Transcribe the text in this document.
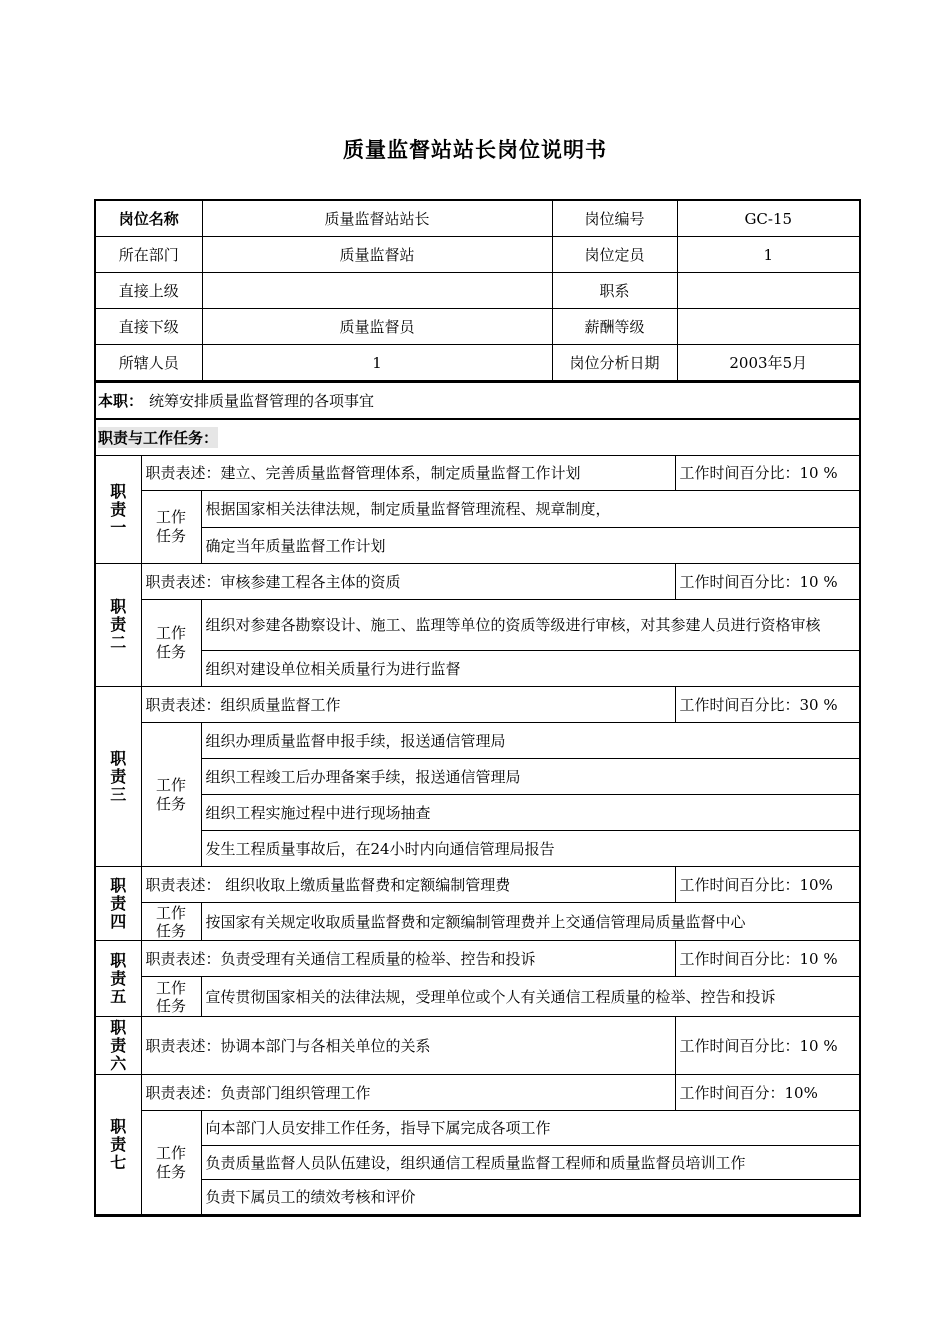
质量监督站站长岗位说明书
岗位名称	质量监督站站长	岗位编号	GC-15
所在部门	质量监督站	岗位定员	1
直接上级		职系	
直接下级	质量监督员	薪酬等级	
所辖人员	1	岗位分析日期	2003年5月
本职： 统筹安排质量监督管理的各项事宜
职责与工作任务：
职
责
一	职责表述：建立、完善质量监督管理体系，制定质量监督工作计划		工作时间百分比：10 %

	工作
任务	根据国家相关法律法规，制定质量监督管理流程、规章制度，	
		确定当年质量监督工作计划	

职
责
二	职责表述：审核参建工程各主体的资质		工作时间百分比：10 %

	工作
任务	组织对参建各勘察设计、施工、监理等单位的资质等级进行审核，对其参建人员进行资格审核	
		组织对建设单位相关质量行为进行监督	

职
责
三	职责表述：组织质量监督工作		工作时间百分比：30 %

	工作
任务	组织办理质量监督申报手续，报送通信管理局	
		组织工程竣工后办理备案手续，报送通信管理局	
		组织工程实施过程中进行现场抽查	
		发生工程质量事故后，在24小时内向通信管理局报告	

职
责
四	职责表述： 组织收取上缴质量监督费和定额编制管理费		工作时间百分比：10%

	工作
任务	按国家有关规定收取质量监督费和定额编制管理费并上交通信管理局质量监督中心	

职
责
五	职责表述：负责受理有关通信工程质量的检举、控告和投诉		工作时间百分比：10 %

	工作
任务	宣传贯彻国家相关的法律法规，受理单位或个人有关通信工程质量的检举、控告和投诉	

职
责
六	职责表述：协调本部门与各相关单位的关系		工作时间百分比：10 %

职
责
七	职责表述：负责部门组织管理工作		工作时间百分：10%

	工作
任务	向本部门人员安排工作任务，指导下属完成各项工作	
		负责质量监督人员队伍建设，组织通信工程质量监督工程师和质量监督员培训工作	
		负责下属员工的绩效考核和评价	
